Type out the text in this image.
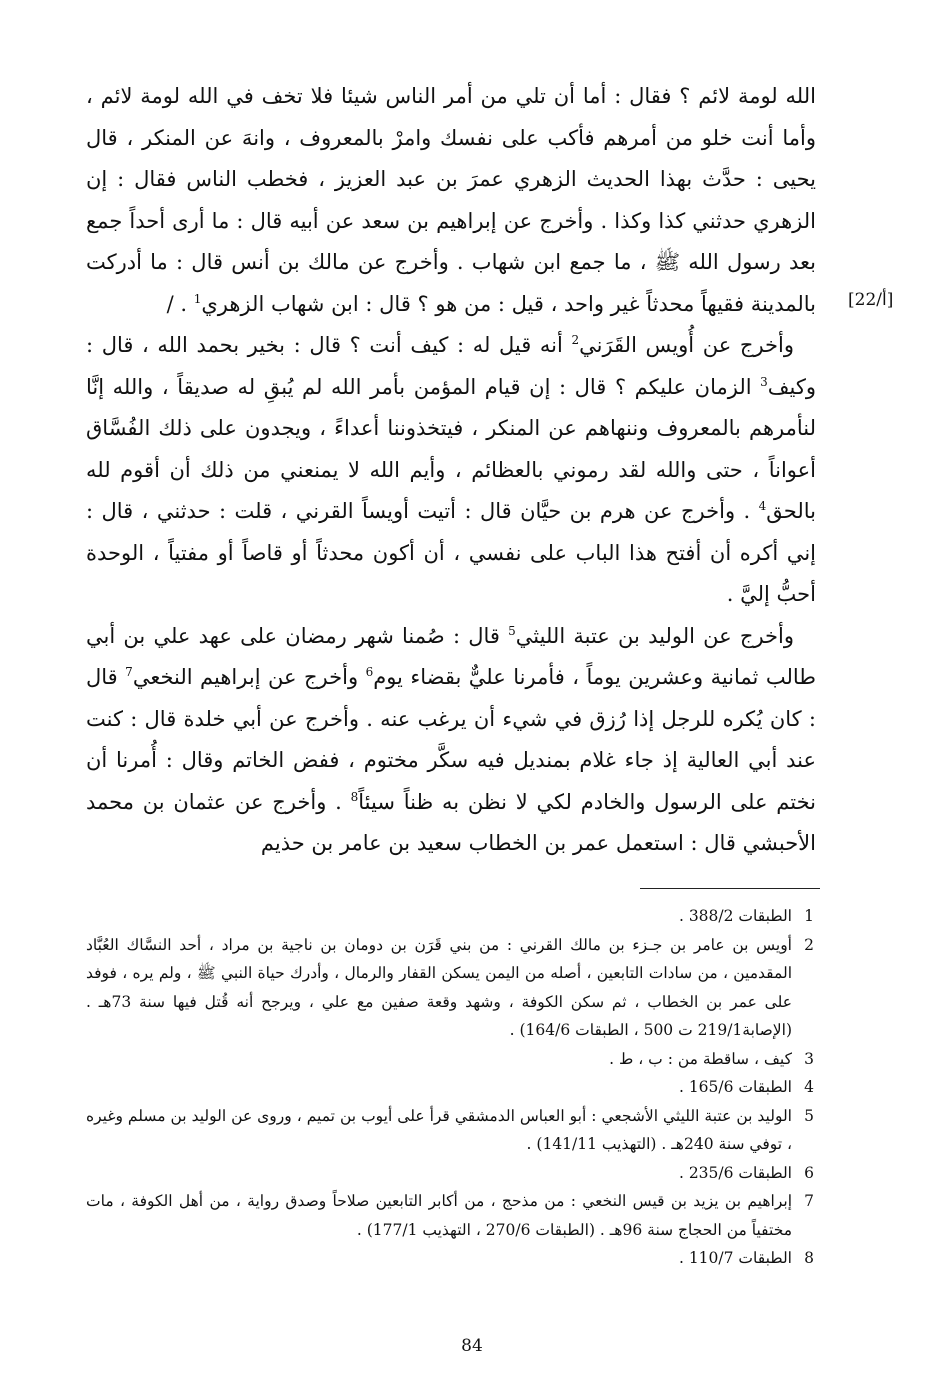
[22/أ]

الله لومة لائم ؟ فقال : أما أن تلي من أمر الناس شيئا فلا تخف في الله لومة لائم ، وأما أنت خلو من أمرهم فأكب على نفسك وامرْ بالمعروف ، وانهَ عن المنكر ، قال يحيى : حدَّث بهذا الحديث الزهري عمرَ بن عبد العزيز ، فخطب الناس فقال : إن الزهري حدثني كذا وكذا . وأخرج عن إبراهيم بن سعد عن أبيه قال : ما أرى أحداً جمع بعد رسول الله ﷺ ، ما جمع ابن شهاب . وأخرج عن مالك بن أنس قال : ما أدركت بالمدينة فقيهاً محدثاً غير واحد ، قيل : من هو ؟ قال : ابن شهاب الزهري$^1$ . /

وأخرج عن أُويس القَرَني$^2$ أنه قيل له : كيف أنت ؟ قال : بخير بحمد الله ، قال : وكيف$^3$ الزمان عليكم ؟ قال : إن قيام المؤمن بأمر الله لم يُبقِ له صديقاً ، والله إنَّا لنأمرهم بالمعروف وننهاهم عن المنكر ، فيتخذوننا أعداءً ، ويجدون على ذلك الفُسَّاق أعواناً ، حتى والله لقد رموني بالعظائم ، وأيم الله لا يمنعني من ذلك أن أقوم لله بالحق$^4$ . وأخرج عن هرم بن حيَّان قال : أتيت أويساً القرني ، قلت : حدثني ، قال : إني أكره أن أفتح هذا الباب على نفسي ، أن أكون محدثاً أو قاصاً أو مفتياً ، الوحدة أحبُّ إليَّ .

وأخرج عن الوليد بن عتبة الليثي$^5$ قال : صُمنا شهر رمضان على عهد علي بن أبي طالب ثمانية وعشرين يوماً ، فأمرنا عليٌّ بقضاء يوم$^6$ وأخرج عن إبراهيم النخعي$^7$ قال : كان يُكره للرجل إذا رُزق في شيء أن يرغب عنه . وأخرج عن أبي خلدة قال : كنت عند أبي العالية إذ جاء غلام بمنديل فيه سكَّر مختوم ، ففض الخاتم وقال : أُمرنا أن نختم على الرسول والخادم لكي لا نظن به ظناً سيئاً$^8$ . وأخرج عن عثمان بن محمد الأحبشي قال : استعمل عمر بن الخطاب سعيد بن عامر بن حذيم

1
الطبقات 388/2 .
2
أويس بن عامر بن جـزء بن مالك القرني : من بني قَرَن بن دومان بن ناجية بن مراد ، أحد النسَّاك العُبَّاد المقدمين ، من سادات التابعين ، أصله من اليمن يسكن القفار والرمال ، وأدرك حياة النبي ﷺ ، ولم يره ، فوفد على عمر بن الخطاب ، ثم سكن الكوفة ، وشهد وقعة صفين مع علي ، ويرجح أنه قُتل فيها سنة 73هـ . (الإصابة219/1 ت 500 ، الطبقات 164/6) .
3
كيف ، ساقطة من : ب ، ط .
4
الطبقات 165/6 .
5
الوليد بن عتبة الليثي الأشجعي : أبو العباس الدمشقي قرأ على أيوب بن تميم ، وروى عن الوليد بن مسلم وغيره ، توفي سنة 240هـ . (التهذيب 141/11) .
6
الطبقات 235/6 .
7
إبراهيم بن يزيد بن قيس النخعي : من مذحج ، من أكابر التابعين صلاحاً وصدق رواية ، من أهل الكوفة ، مات مختفياً من الحجاج سنة 96هـ . (الطبقات 270/6 ، التهذيب 177/1) .
8
الطبقات 110/7 .
84
